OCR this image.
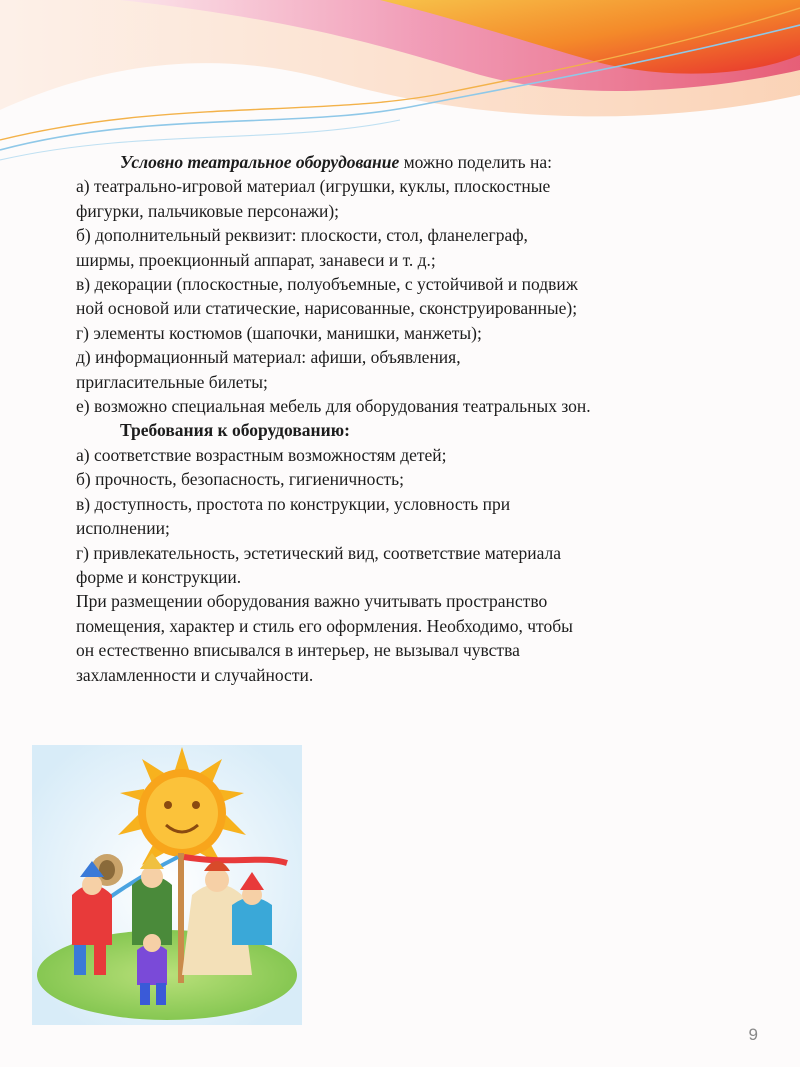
Условно театральное оборудование можно поделить на:

а) театрально-игровой материал (игрушки, куклы, плоскостные

фигурки, пальчиковые персонажи);

б) дополнительный реквизит: плоскости, стол, фланелеграф,

ширмы, проекционный аппарат, занавеси и т. д.;

в) декорации (плоскостные, полуобъемные, с устойчивой и подвиж

ной основой или статические, нарисованные, сконструированные);

г) элементы костюмов (шапочки, манишки, манжеты);

д) информационный материал: афиши, объявления,

пригласительные билеты;

е) возможно специальная мебель для оборудования театральных зон.

Требования к оборудованию:

а) соответствие возрастным возможностям детей;

б) прочность, безопасность, гигиеничность;

в) доступность, простота по конструкции, условность при

исполнении;

г) привлекательность, эстетический вид, соответствие материала

форме и конструкции.

При размещении оборудования важно учитывать пространство

помещения, характер и стиль его оформления. Необходимо, чтобы

он естественно вписывался в интерьер, не вызывал чувства

захламленности и случайности.

9
